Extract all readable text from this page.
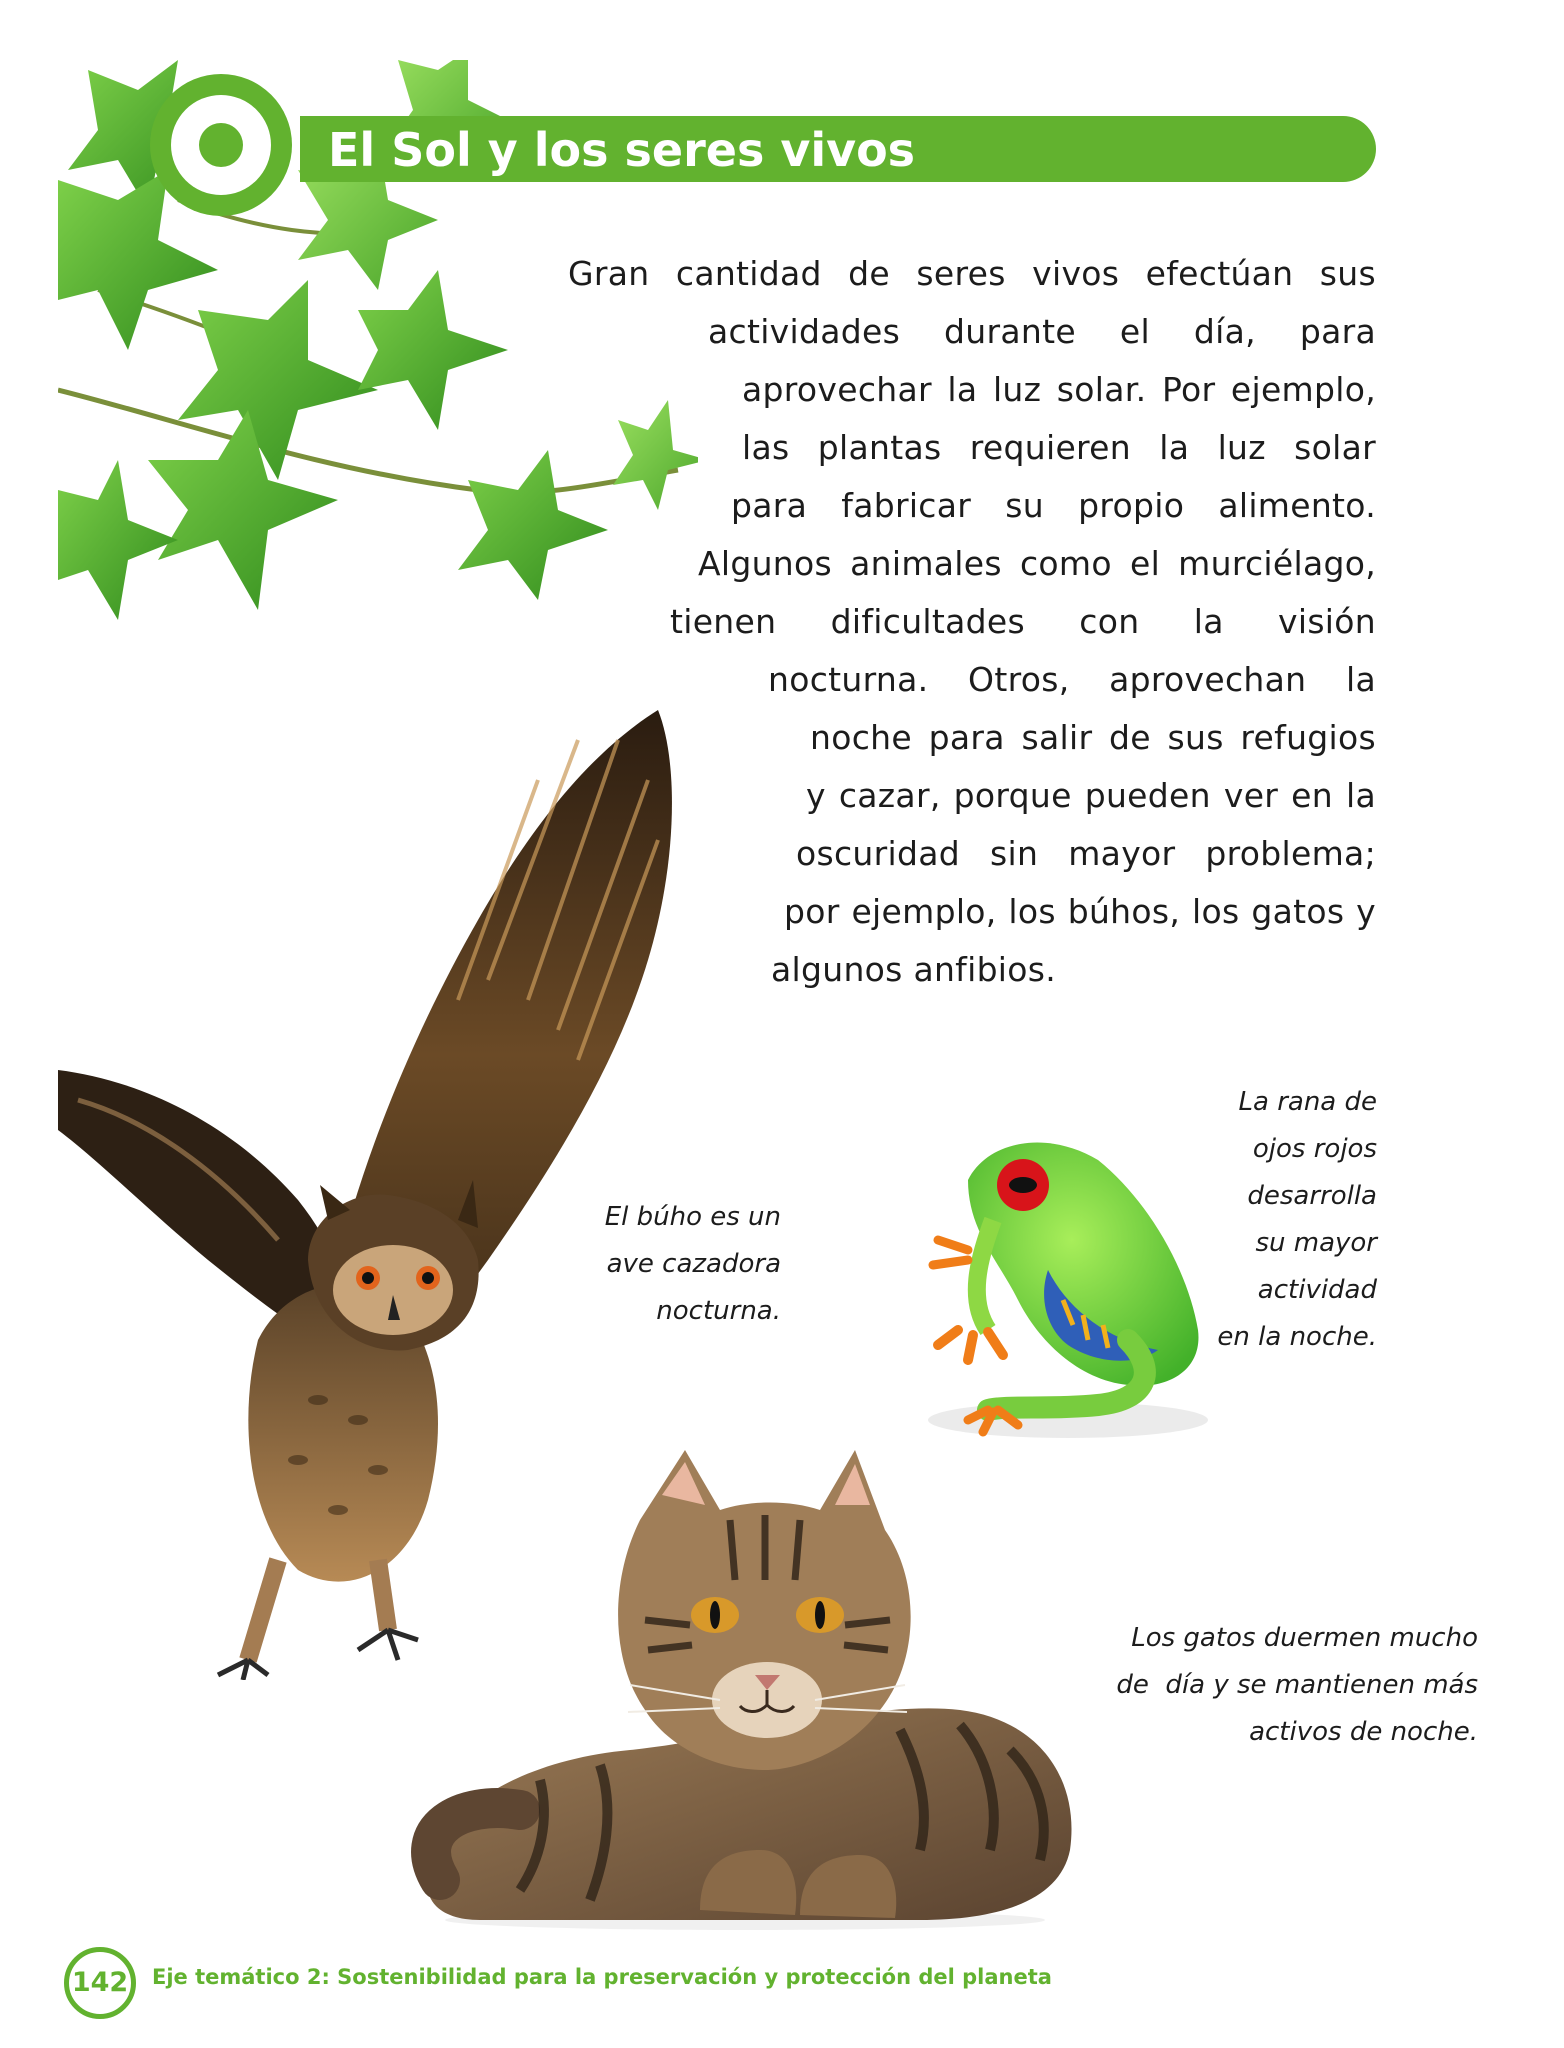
El Sol y los seres vivos
Gran cantidad de seres vivos efectúan sus
actividades durante el día, para
aprovechar la luz solar. Por ejemplo,
las plantas requieren la luz solar
para fabricar su propio alimento.
Algunos animales como el murciélago,
tienen dificultades con la visión
nocturna. Otros, aprovechan la
noche para salir de sus refugios
y cazar, porque pueden ver en la
oscuridad sin mayor problema;
por ejemplo, los búhos, los gatos y
algunos anfibios.
El búho es un
ave cazadora
nocturna.
La rana de
ojos rojos
desarrolla
su mayor
actividad
en la noche.
Los gatos duermen mucho
de  día y se mantienen más
activos de noche.
142	Eje temático 2: Sostenibilidad para la preservación y protección del planeta
